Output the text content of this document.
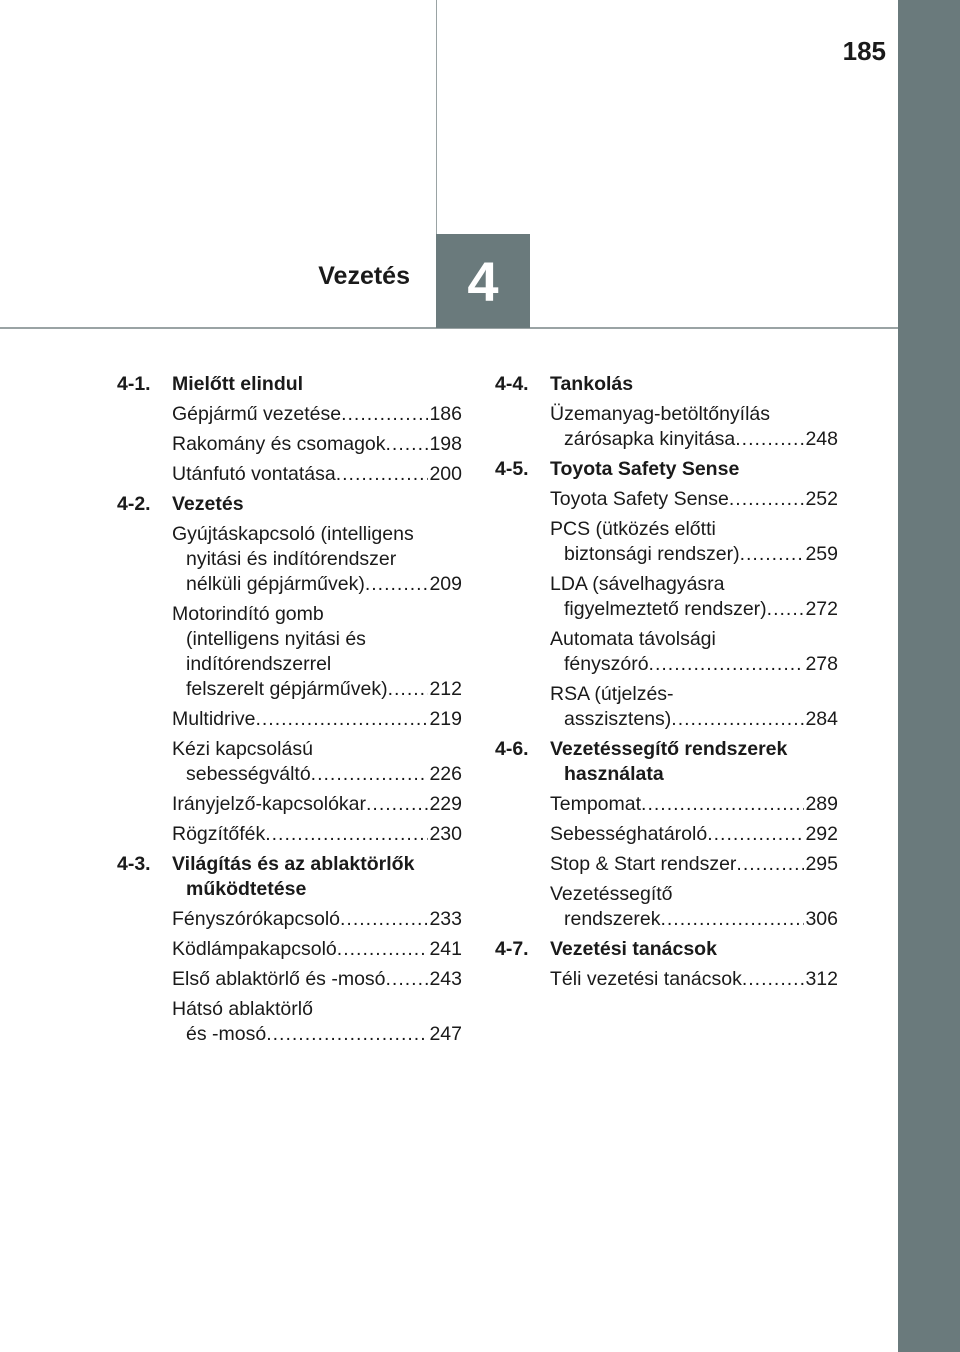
185
Vezetés 4
4-1.	Mielőtt elindul
Gépjármű vezetése .....	186
Rakomány és csomagok ..... 198
Utánfutó vontatása .....	200
4-2.	Vezetés
Gyújtáskapcsoló (intelligens
nyitási és indítórendszer
nélküli gépjárművek) .....	209
Motorindító gomb
(intelligens nyitási és
indítórendszerrel
felszerelt gépjárművek) ..... 212
Multidrive .....	219
Kézi kapcsolású
sebességváltó .....	226
Irányjelző-kapcsolókar .....	229
Rögzítőfék .....	230
4-3.	Világítás és az ablaktörlők
működtetése
Fényszórókapcsoló .....	233
Ködlámpakapcsoló .....	241
Első ablaktörlő és -mosó ..... 243
Hátsó ablaktörlő
és -mosó .....	247
4-4.	Tankolás
Üzemanyag-betöltőnyílás
zárósapka kinyitása .....	248
4-5.	Toyota Safety Sense
Toyota Safety Sense .....	252
PCS (ütközés előtti
biztonsági rendszer) .....	259
LDA (sávelhagyásra
figyelmeztető rendszer) ..... 272
Automata távolsági
fényszóró .....	278
RSA (útjelzés-
asszisztens) .....	284
4-6.	Vezetéssegítő rendszerek
használata
Tempomat .....	289
Sebességhatároló .....	292
Stop & Start rendszer .....	295
Vezetéssegítő
rendszerek .....	306
4-7.	Vezetési tanácsok
Téli vezetési tanácsok .....	312
